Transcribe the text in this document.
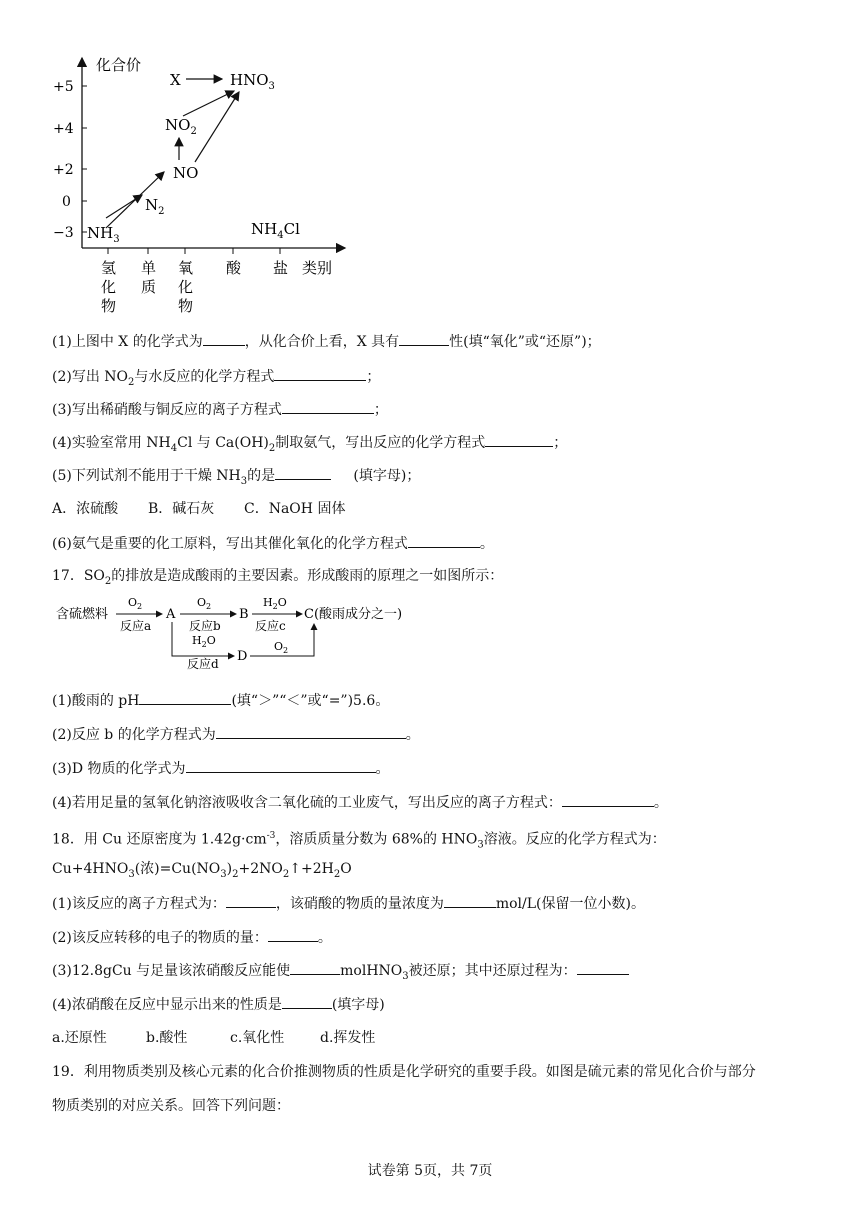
化合价
+5
+4
+2
0
−3
氢化物
单质
氧化物
酸 盐 类别
X	$HNO_3$
$NO_2$
NO
$N_2$
$NH_3$
$NH_4Cl$
(1)上图中 X 的化学式为	，从化合价上看，X 具有	性(填“氧化”或“还原”)；
(2)写出 $NO_2$与水反应的化学方程式	；
(3)写出稀硝酸与铜反应的离子方程式	；
(4)实验室常用 $NH_4Cl$ 与 $Ca(OH)_2$制取氨气，写出反应的化学方程式	；
(5)下列试剂不能用于干燥 $NH_3$的是	(填字母)；
A．浓硫酸 B．碱石灰 C．NaOH 固体
(6)氨气是重要的化工原料，写出其催化氧化的化学方程式	。
17．$SO_2$的排放是造成酸雨的主要因素。形成酸雨的原理之一如图所示：
含硫燃料
$O_2$
反应a
A
$O_2$
反应b
B
$H_2O$
反应c
C(酸雨成分之一)
$H_2O$
反应d D
$O_2$
(1)酸雨的 pH	(填“＞”“＜”或“=”)5.6。
(2)反应 b 的化学方程式为	。
(3)D 物质的化学式为	。
(4)若用足量的氢氧化钠溶液吸收含二氧化硫的工业废气，写出反应的离子方程式：	。
18．用 Cu 还原密度为 $1.42g\cdot cm^{-3}$，溶质质量分数为 68%的 $HNO_3$溶液。反应的化学方程式为：
$Cu+4HNO_3$(浓)$=Cu(NO_3)_2+2NO_2↑+2H_2O$
(1)该反应的离子方程式为：	，该硝酸的物质的量浓度为	mol/L(保留一位小数)。
(2)该反应转移的电子的物质的量：	。
(3)12.8gCu 与足量该浓硝酸反应能使	molHNO$_3$被还原；其中还原过程为：
(4)浓硝酸在反应中显示出来的性质是	(填字母)
a.还原性	b.酸性	c.氧化性	d.挥发性
19．利用物质类别及核心元素的化合价推测物质的性质是化学研究的重要手段。如图是硫元素的常见化合价与部分
物质类别的对应关系。回答下列问题：
试卷第 5页，共 7页
